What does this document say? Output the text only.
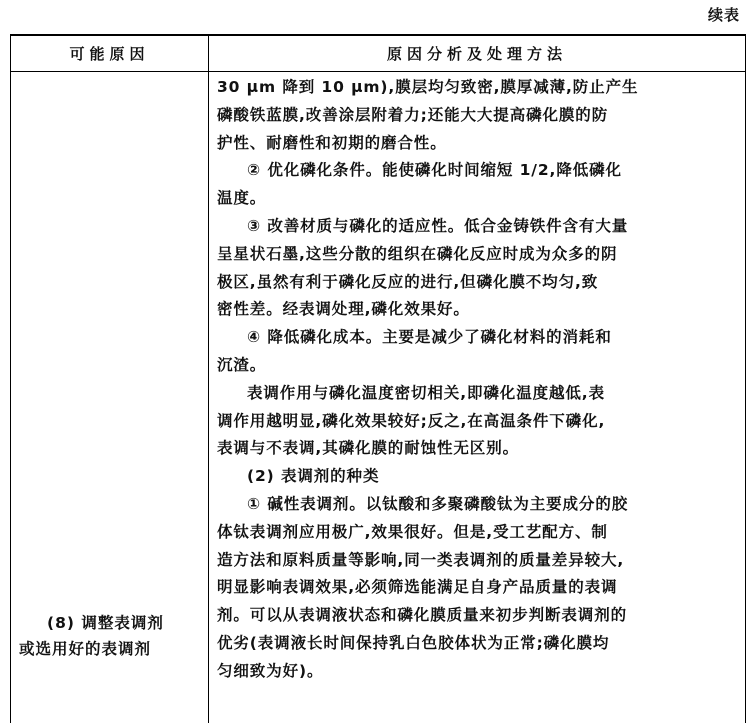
续表
可能原因	原因分析及处理方法
(8) 调整表调剂
或选用好的表调剂
30 μm 降到 10 μm),膜层均匀致密,膜厚减薄,防止产生
磷酸铁蓝膜,改善涂层附着力;还能大大提高磷化膜的防
护性、耐磨性和初期的磨合性。
② 优化磷化条件。能使磷化时间缩短 1/2,降低磷化
温度。
③ 改善材质与磷化的适应性。低合金铸铁件含有大量
呈星状石墨,这些分散的组织在磷化反应时成为众多的阴
极区,虽然有利于磷化反应的进行,但磷化膜不均匀,致
密性差。经表调处理,磷化效果好。
④ 降低磷化成本。主要是减少了磷化材料的消耗和
沉渣。
表调作用与磷化温度密切相关,即磷化温度越低,表
调作用越明显,磷化效果较好;反之,在高温条件下磷化,
表调与不表调,其磷化膜的耐蚀性无区别。
(2) 表调剂的种类
① 碱性表调剂。以钛酸和多聚磷酸钛为主要成分的胶
体钛表调剂应用极广,效果很好。但是,受工艺配方、制
造方法和原料质量等影响,同一类表调剂的质量差异较大,
明显影响表调效果,必须筛选能满足自身产品质量的表调
剂。可以从表调液状态和磷化膜质量来初步判断表调剂的
优劣(表调液长时间保持乳白色胶体状为正常;磷化膜均
匀细致为好)。
